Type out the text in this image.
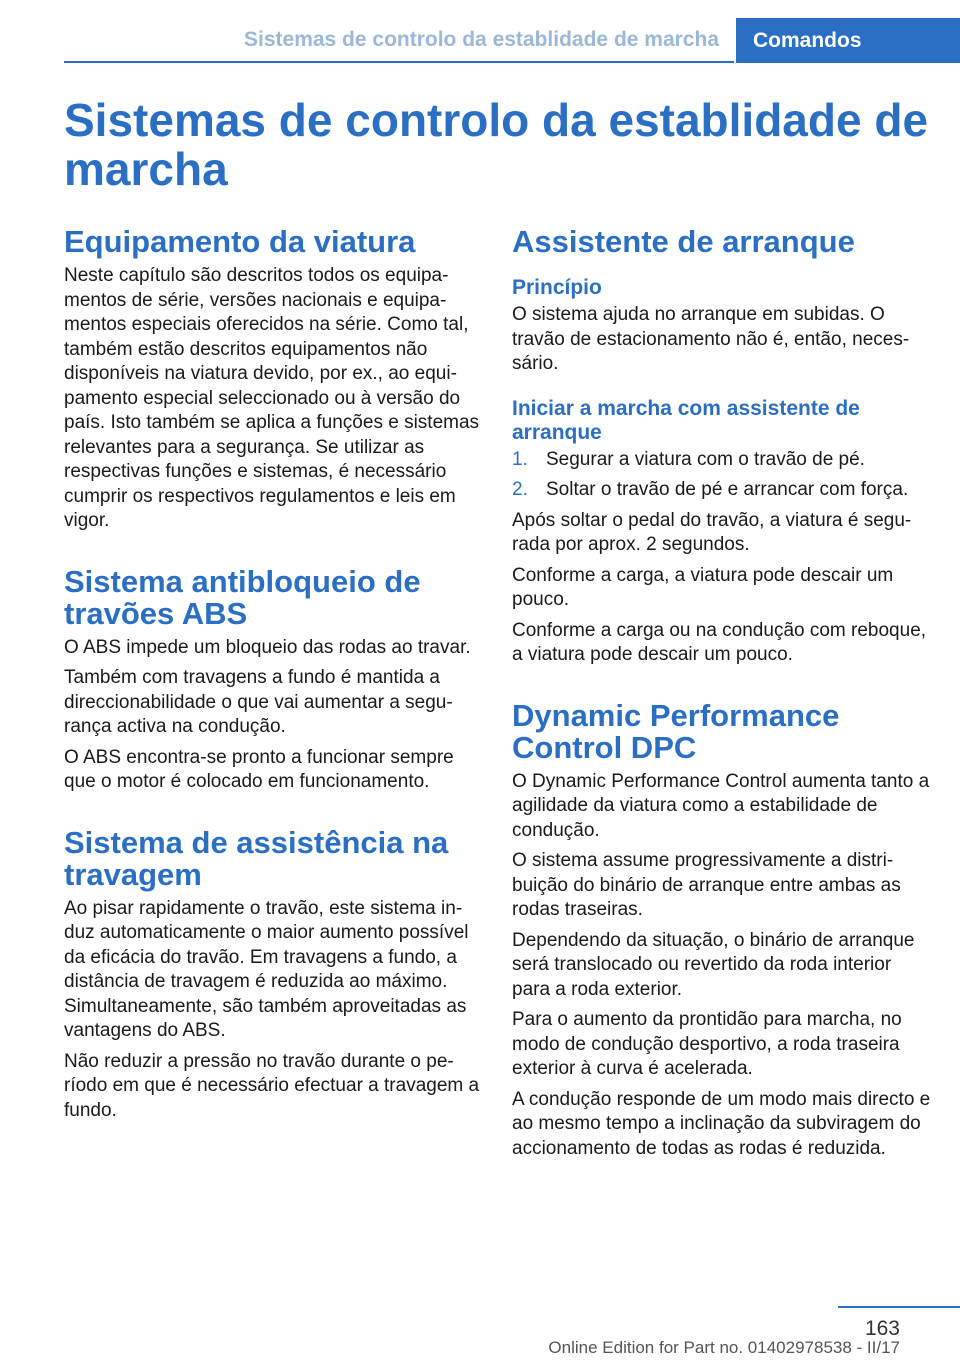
Sistemas de controlo da establidade de marcha	Comandos
Sistemas de controlo da establidade de marcha
Equipamento da viatura

Neste capítulo são descritos todos os equipamentos de série, versões nacionais e equipamentos especiais oferecidos na série. Como tal, também estão descritos equipamentos não disponíveis na viatura devido, por ex., ao equipamento especial seleccionado ou à versão do país. Isto também se aplica a funções e sistemas relevantes para a segurança. Se utilizar as respectivas funções e sistemas, é necessário cumprir os respectivos regulamentos e leis em vigor.

Sistema antibloqueio de travões ABS

O ABS impede um bloqueio das rodas ao travar.

Também com travagens a fundo é mantida a direccionabilidade o que vai aumentar a segurança activa na condução.

O ABS encontra-se pronto a funcionar sempre que o motor é colocado em funcionamento.

Sistema de assistência na travagem

Ao pisar rapidamente o travão, este sistema induz automaticamente o maior aumento possível da eficácia do travão. Em travagens a fundo, a distância de travagem é reduzida ao máximo. Simultaneamente, são também aproveitadas as vantagens do ABS.

Não reduzir a pressão no travão durante o período em que é necessário efectuar a travagem a fundo.

Assistente de arranque
Princípio

O sistema ajuda no arranque em subidas. O travão de estacionamento não é, então, necessário.

Iniciar a marcha com assistente de arranque
1. Segurar a viatura com o travão de pé.
2. Soltar o travão de pé e arrancar com força.

Após soltar o pedal do travão, a viatura é segurada por aprox. 2 segundos.

Conforme a carga, a viatura pode descair um pouco.

Conforme a carga ou na condução com reboque, a viatura pode descair um pouco.

Dynamic Performance Control DPC

O Dynamic Performance Control aumenta tanto a agilidade da viatura como a estabilidade de condução.

O sistema assume progressivamente a distribuição do binário de arranque entre ambas as rodas traseiras.

Dependendo da situação, o binário de arranque será translocado ou revertido da roda interior para a roda exterior.

Para o aumento da prontidão para marcha, no modo de condução desportivo, a roda traseira exterior à curva é acelerada.

A condução responde de um modo mais directo e ao mesmo tempo a inclinação da subviragem do accionamento de todas as rodas é reduzida.

163
Online Edition for Part no. 01402978538 - II/17
